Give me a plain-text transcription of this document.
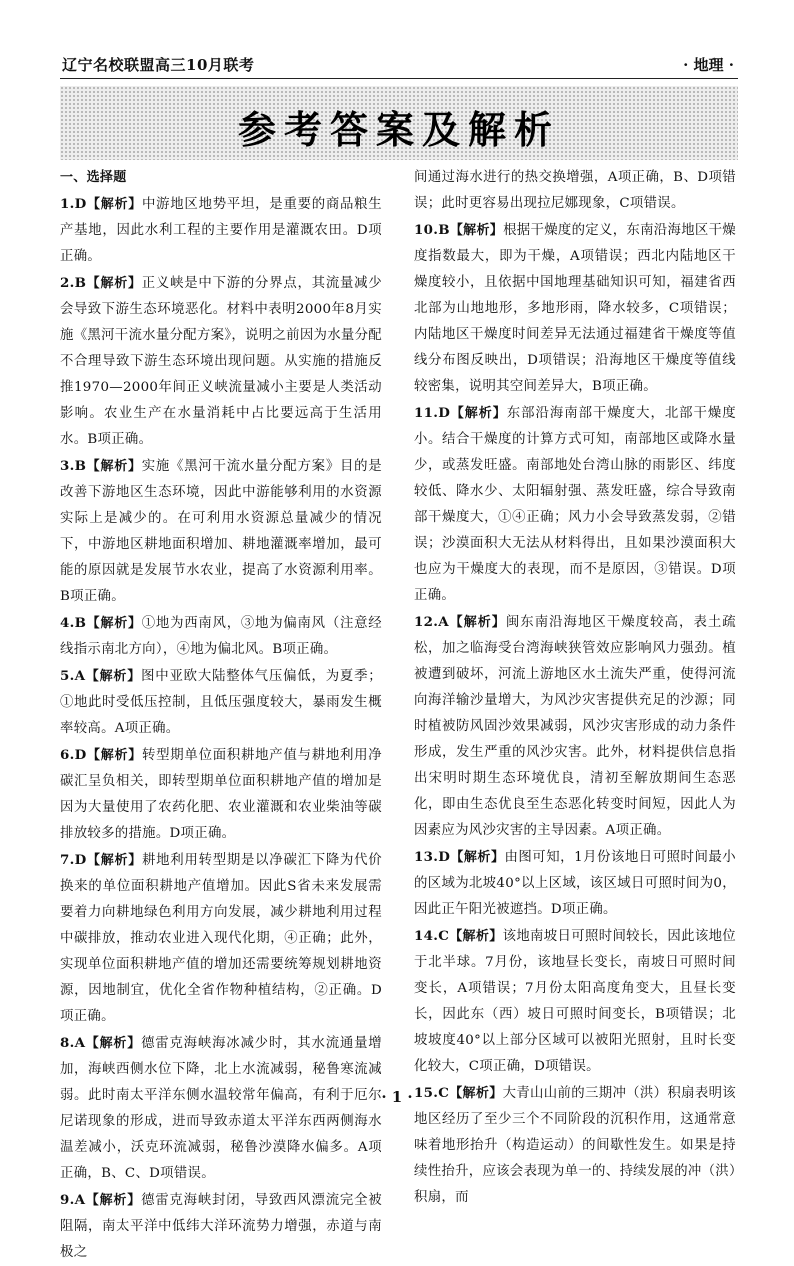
辽宁名校联盟高三10月联考	· 地理 ·
参考答案及解析

一、选择题

1.D【解析】中游地区地势平坦，是重要的商品粮生产基地，因此水利工程的主要作用是灌溉农田。D项正确。

2.B【解析】正义峡是中下游的分界点，其流量减少会导致下游生态环境恶化。材料中表明2000年8月实施《黑河干流水量分配方案》，说明之前因为水量分配不合理导致下游生态环境出现问题。从实施的措施反推1970—2000年间正义峡流量减小主要是人类活动影响。农业生产在水量消耗中占比要远高于生活用水。B项正确。

3.B【解析】实施《黑河干流水量分配方案》目的是改善下游地区生态环境，因此中游能够利用的水资源实际上是减少的。在可利用水资源总量减少的情况下，中游地区耕地面积增加、耕地灌溉率增加，最可能的原因就是发展节水农业，提高了水资源利用率。B项正确。

4.B【解析】①地为西南风，③地为偏南风（注意经线指示南北方向），④地为偏北风。B项正确。

5.A【解析】图中亚欧大陆整体气压偏低，为夏季；①地此时受低压控制，且低压强度较大，暴雨发生概率较高。A项正确。

6.D【解析】转型期单位面积耕地产值与耕地利用净碳汇呈负相关，即转型期单位面积耕地产值的增加是因为大量使用了农药化肥、农业灌溉和农业柴油等碳排放较多的措施。D项正确。

7.D【解析】耕地利用转型期是以净碳汇下降为代价换来的单位面积耕地产值增加。因此S省未来发展需要着力向耕地绿色利用方向发展，减少耕地利用过程中碳排放，推动农业进入现代化期，④正确；此外，实现单位面积耕地产值的增加还需要统筹规划耕地资源，因地制宜，优化全省作物种植结构，②正确。D项正确。

8.A【解析】德雷克海峡海冰减少时，其水流通量增加，海峡西侧水位下降，北上水流减弱，秘鲁寒流减弱。此时南太平洋东侧水温较常年偏高，有利于厄尔尼诺现象的形成，进而导致赤道太平洋东西两侧海水温差减小，沃克环流减弱，秘鲁沙漠降水偏多。A项正确，B、C、D项错误。

9.A【解析】德雷克海峡封闭，导致西风漂流完全被阻隔，南太平洋中低纬大洋环流势力增强，赤道与南极之

间通过海水进行的热交换增强，A项正确，B、D项错误；此时更容易出现拉尼娜现象，C项错误。

10.B【解析】根据干燥度的定义，东南沿海地区干燥度指数最大，即为干燥，A项错误；西北内陆地区干燥度较小，且依据中国地理基础知识可知，福建省西北部为山地地形，多地形雨，降水较多，C项错误；内陆地区干燥度时间差异无法通过福建省干燥度等值线分布图反映出，D项错误；沿海地区干燥度等值线较密集，说明其空间差异大，B项正确。

11.D【解析】东部沿海南部干燥度大，北部干燥度小。结合干燥度的计算方式可知，南部地区或降水量少，或蒸发旺盛。南部地处台湾山脉的雨影区、纬度较低、降水少、太阳辐射强、蒸发旺盛，综合导致南部干燥度大，①④正确；风力小会导致蒸发弱，②错误；沙漠面积大无法从材料得出，且如果沙漠面积大也应为干燥度大的表现，而不是原因，③错误。D项正确。

12.A【解析】闽东南沿海地区干燥度较高，表土疏松，加之临海受台湾海峡狭管效应影响风力强劲。植被遭到破坏，河流上游地区水土流失严重，使得河流向海洋输沙量增大，为风沙灾害提供充足的沙源；同时植被防风固沙效果减弱，风沙灾害形成的动力条件形成，发生严重的风沙灾害。此外，材料提供信息指出宋明时期生态环境优良，清初至解放期间生态恶化，即由生态优良至生态恶化转变时间短，因此人为因素应为风沙灾害的主导因素。A项正确。

13.D【解析】由图可知，1月份该地日可照时间最小的区域为北坡40°以上区域，该区域日可照时间为0，因此正午阳光被遮挡。D项正确。

14.C【解析】该地南坡日可照时间较长，因此该地位于北半球。7月份，该地昼长变长，南坡日可照时间变长，A项错误；7月份太阳高度角变大，且昼长变长，因此东（西）坡日可照时间变长，B项错误；北坡坡度40°以上部分区域可以被阳光照射，且时长变化较大，C项正确，D项错误。

15.C【解析】大青山山前的三期冲（洪）积扇表明该地区经历了至少三个不同阶段的沉积作用，这通常意味着地形抬升（构造运动）的间歇性发生。如果是持续性抬升，应该会表现为单一的、持续发展的冲（洪）积扇，而

· 1 ·
